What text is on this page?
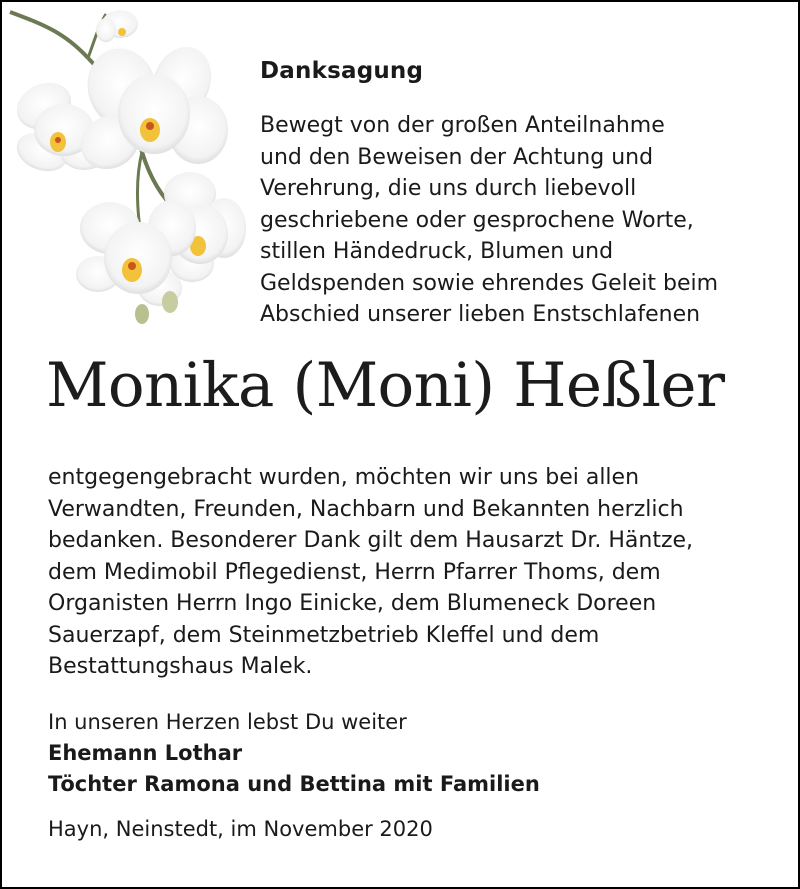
Danksagung
Bewegt von der großen Anteilnahme
und den Beweisen der Achtung und
Verehrung, die uns durch liebevoll
geschriebene oder gesprochene Worte,
stillen Händedruck, Blumen und
Geldspenden sowie ehrendes Geleit beim
Abschied unserer lieben Enstschlafenen
Monika (Moni) Heßler
entgegengebracht wurden, möchten wir uns bei allen
Verwandten, Freunden, Nachbarn und Bekannten herzlich
bedanken. Besonderer Dank gilt dem Hausarzt Dr. Häntze,
dem Medimobil Pflegedienst, Herrn Pfarrer Thoms, dem
Organisten Herrn Ingo Einicke, dem Blumeneck Doreen
Sauerzapf, dem Steinmetzbetrieb Kleffel und dem
Bestattungshaus Malek.
In unseren Herzen lebst Du weiter
Ehemann Lothar
Töchter Ramona und Bettina mit Familien
Hayn, Neinstedt, im November 2020
